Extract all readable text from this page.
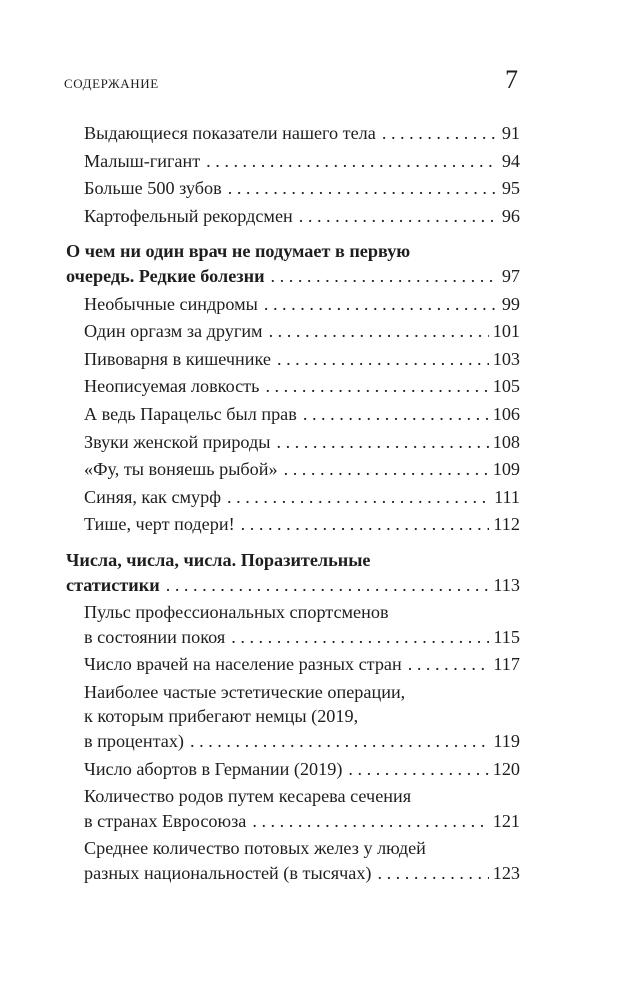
СОДЕРЖАНИЕ	7
Выдающиеся показатели нашего тела . . .	91
Малыш-гигант . . .	94
Больше 500 зубов . . .	95
Картофельный рекордсмен . . .	96
О чем ни один врач не подумает в первую
очередь. Редкие болезни . . .	97
Необычные синдромы . . .	99
Один оргазм за другим . . .	101
Пивоварня в кишечнике . . .	103
Неописуемая ловкость . . .	105
А ведь Парацельс был прав . . .	106
Звуки женской природы . . .	108
«Фу, ты воняешь рыбой» . . .	109
Синяя, как смурф . . .	111
Тише, черт подери! . . .	112
Числа, числа, числа. Поразительные
статистики . . .	113
Пульс профессиональных спортсменов
в состоянии покоя . . .	115
Число врачей на население разных стран . . .	117
Наиболее частые эстетические операции,
к которым прибегают немцы (2019,
в процентах) . . .	119
Число абортов в Германии (2019) . . .	120
Количество родов путем кесарева сечения
в странах Евросоюза . . .	121
Среднее количество потовых желез у людей
разных национальностей (в тысячах) . . .	123
